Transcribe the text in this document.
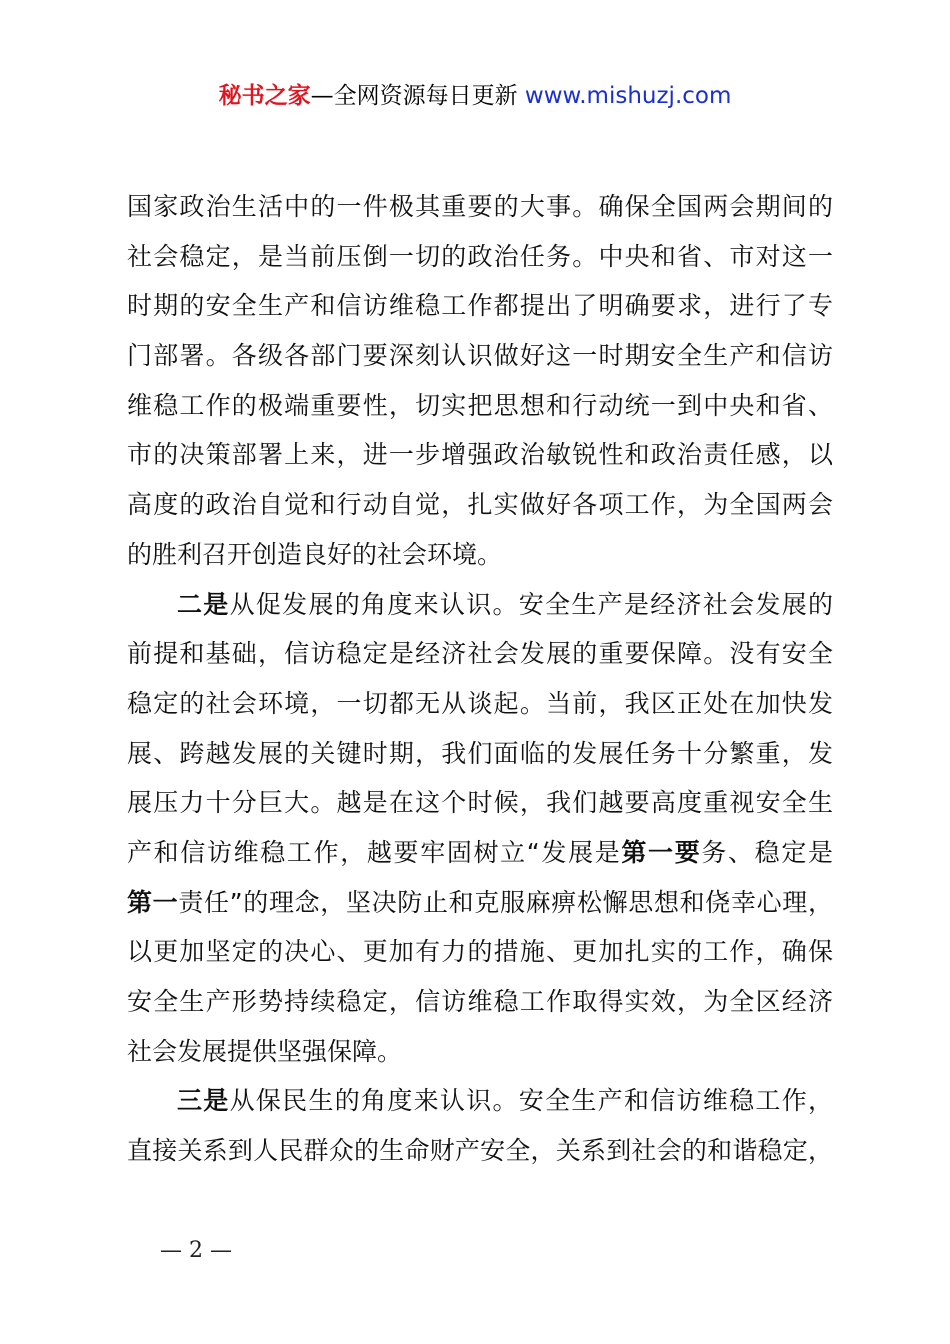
秘书之家—全网资源每日更新 www.mishuzj.com
国家政治生活中的一件极其重要的大事。确保全国两会期间的
社会稳定，是当前压倒一切的政治任务。中央和省、市对这一
时期的安全生产和信访维稳工作都提出了明确要求，进行了专
门部署。各级各部门要深刻认识做好这一时期安全生产和信访
维稳工作的极端重要性，切实把思想和行动统一到中央和省、
市的决策部署上来，进一步增强政治敏锐性和政治责任感，以
高度的政治自觉和行动自觉，扎实做好各项工作，为全国两会
的胜利召开创造良好的社会环境。
二是从促发展的角度来认识。安全生产是经济社会发展的
前提和基础，信访稳定是经济社会发展的重要保障。没有安全
稳定的社会环境，一切都无从谈起。当前，我区正处在加快发
展、跨越发展的关键时期，我们面临的发展任务十分繁重，发
展压力十分巨大。越是在这个时候，我们越要高度重视安全生
产和信访维稳工作，越要牢固树立“发展是第一要务、稳定是
第一责任”的理念，坚决防止和克服麻痹松懈思想和侥幸心理，
以更加坚定的决心、更加有力的措施、更加扎实的工作，确保
安全生产形势持续稳定，信访维稳工作取得实效，为全区经济
社会发展提供坚强保障。
三是从保民生的角度来认识。安全生产和信访维稳工作，
直接关系到人民群众的生命财产安全，关系到社会的和谐稳定，
— 2 —
